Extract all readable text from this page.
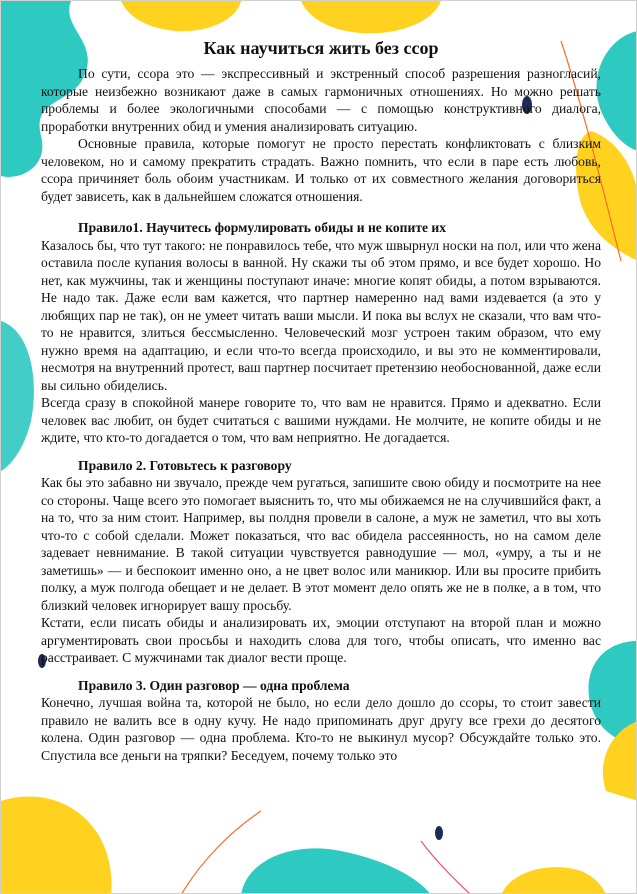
Как научиться жить без ссор

По сути, ссора это — экспрессивный и экстренный способ разрешения разногласий, которые неизбежно возникают даже в самых гармоничных отношениях. Но можно решать проблемы и более экологичными способами — с помощью конструктивного диалога, проработки внутренних обид и умения анализировать ситуацию.

Основные правила, которые помогут не просто перестать конфликтовать с близким человеком, но и самому прекратить страдать. Важно помнить, что если в паре есть любовь, ссора причиняет боль обоим участникам. И только от их совместного желания договориться будет зависеть, как в дальнейшем сложатся отношения.

Правило1. Научитесь формулировать обиды и не копите их

Казалось бы, что тут такого: не понравилось тебе, что муж швырнул носки на пол, или что жена оставила после купания волосы в ванной. Ну скажи ты об этом прямо, и все будет хорошо. Но нет, как мужчины, так и женщины поступают иначе: многие копят обиды, а потом взрываются. Не надо так. Даже если вам кажется, что партнер намеренно над вами издевается (а это у любящих пар не так), он не умеет читать ваши мысли. И пока вы вслух не сказали, что вам что-то не нравится, злиться бессмысленно. Человеческий мозг устроен таким образом, что ему нужно время на адаптацию, и если что-то всегда происходило, и вы это не комментировали, несмотря на внутренний протест, ваш партнер посчитает претензию необоснованной, даже если вы сильно обиделись.

Всегда сразу в спокойной манере говорите то, что вам не нравится. Прямо и адекватно. Если человек вас любит, он будет считаться с вашими нуждами. Не молчите, не копите обиды и не ждите, что кто-то догадается о том, что вам неприятно. Не догадается.

Правило 2. Готовьтесь к разговору

Как бы это забавно ни звучало, прежде чем ругаться, запишите свою обиду и посмотрите на нее со стороны. Чаще всего это помогает выяснить то, что мы обижаемся не на случившийся факт, а на то, что за ним стоит. Например, вы полдня провели в салоне, а муж не заметил, что вы хоть что-то с собой сделали. Может показаться, что вас обидела рассеянность, но на самом деле задевает невнимание. В такой ситуации чувствуется равнодушие — мол, «умру, а ты и не заметишь» — и беспокоит именно оно, а не цвет волос или маникюр. Или вы просите прибить полку, а муж полгода обещает и не делает. В этот момент дело опять же не в полке, а в том, что близкий человек игнорирует вашу просьбу.

Кстати, если писать обиды и анализировать их, эмоции отступают на второй план и можно аргументировать свои просьбы и находить слова для того, чтобы описать, что именно вас расстраивает. С мужчинами так диалог вести проще.

Правило 3. Один разговор — одна проблема

Конечно, лучшая война та, которой не было, но если дело дошло до ссоры, то стоит завести правило не валить все в одну кучу. Не надо припоминать друг другу все грехи до десятого колена. Один разговор — одна проблема. Кто-то не выкинул мусор? Обсуждайте только это. Спустила все деньги на тряпки? Беседуем, почему только это
